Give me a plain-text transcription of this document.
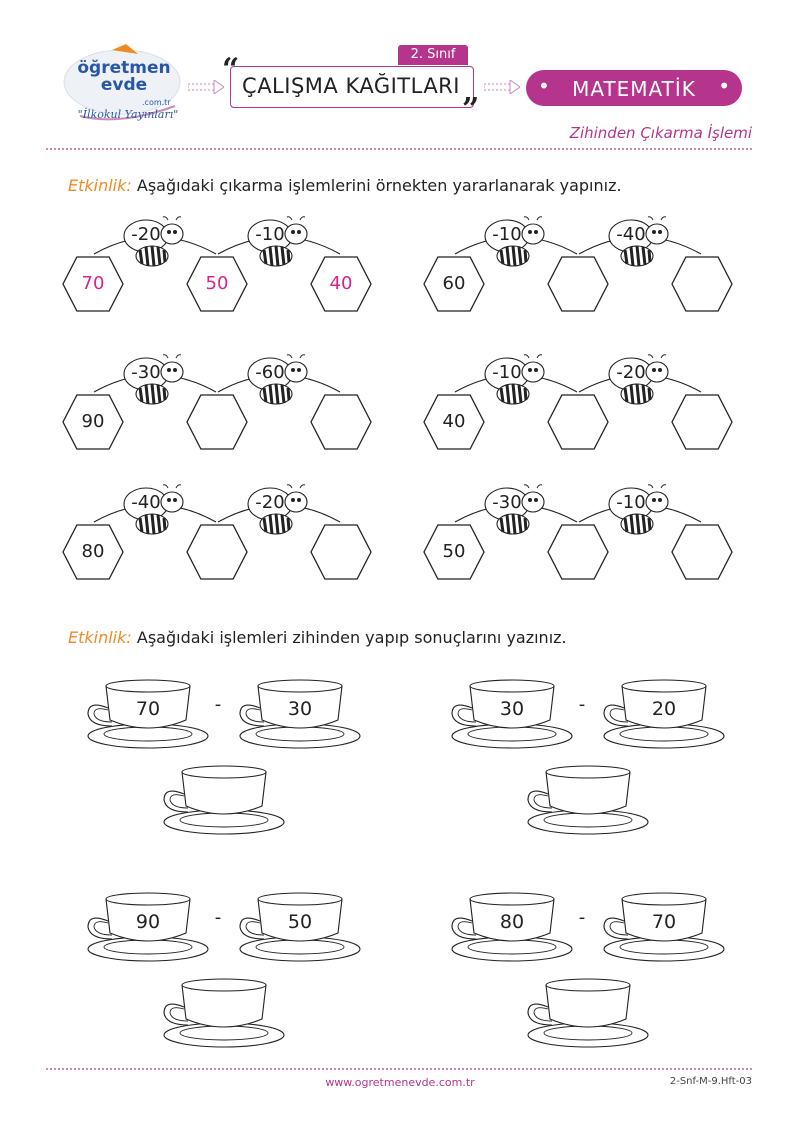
öğretmen evde
.com.tr
"İlkokul Yayınları"
“	2. Sınıf
ÇALIŞMA KAĞITLARI
”
•	MATEMATİK	•
Zihinden Çıkarma İşlemi
Etkinlik: Aşağıdaki çıkarma işlemlerini örnekten yararlanarak yapınız.
70	50	40
-20	-10
60
-10	-40
90
-30	-60
40
-10	-20
80
-40	-20
50
-30	-10
Etkinlik: Aşağıdaki işlemleri zihinden yapıp sonuçlarını yazınız.
70	-	30	30	-	20
90	-	50	80	-	70
www.ogretmenevde.com.tr	2-Snf-M-9.Hft-03
